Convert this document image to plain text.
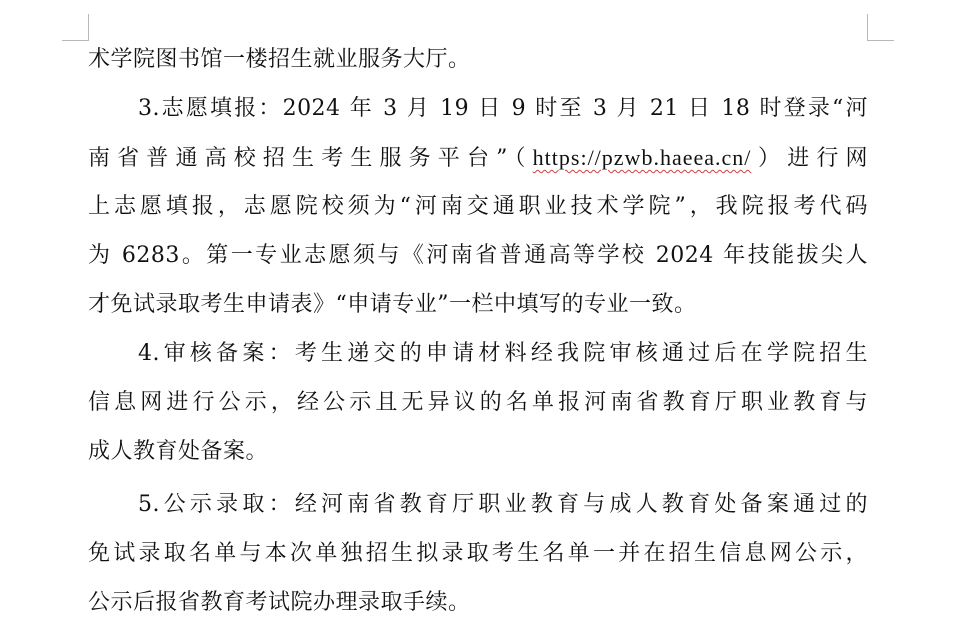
术学院图书馆一楼招生就业服务大厅。
3.志愿填报：2024 年 3 月 19 日 9 时至 3 月 21 日 18 时登录“河
南省普通高校招生考生服务平台”（https://pzwb.haeea.cn/）进行网
上志愿填报，志愿院校须为“河南交通职业技术学院”，我院报考代码
为 6283。第一专业志愿须与《河南省普通高等学校 2024 年技能拔尖人
才免试录取考生申请表》“申请专业”一栏中填写的专业一致。
4.审核备案：考生递交的申请材料经我院审核通过后在学院招生
信息网进行公示，经公示且无异议的名单报河南省教育厅职业教育与
成人教育处备案。
5.公示录取：经河南省教育厅职业教育与成人教育处备案通过的
免试录取名单与本次单独招生拟录取考生名单一并在招生信息网公示，
公示后报省教育考试院办理录取手续。
